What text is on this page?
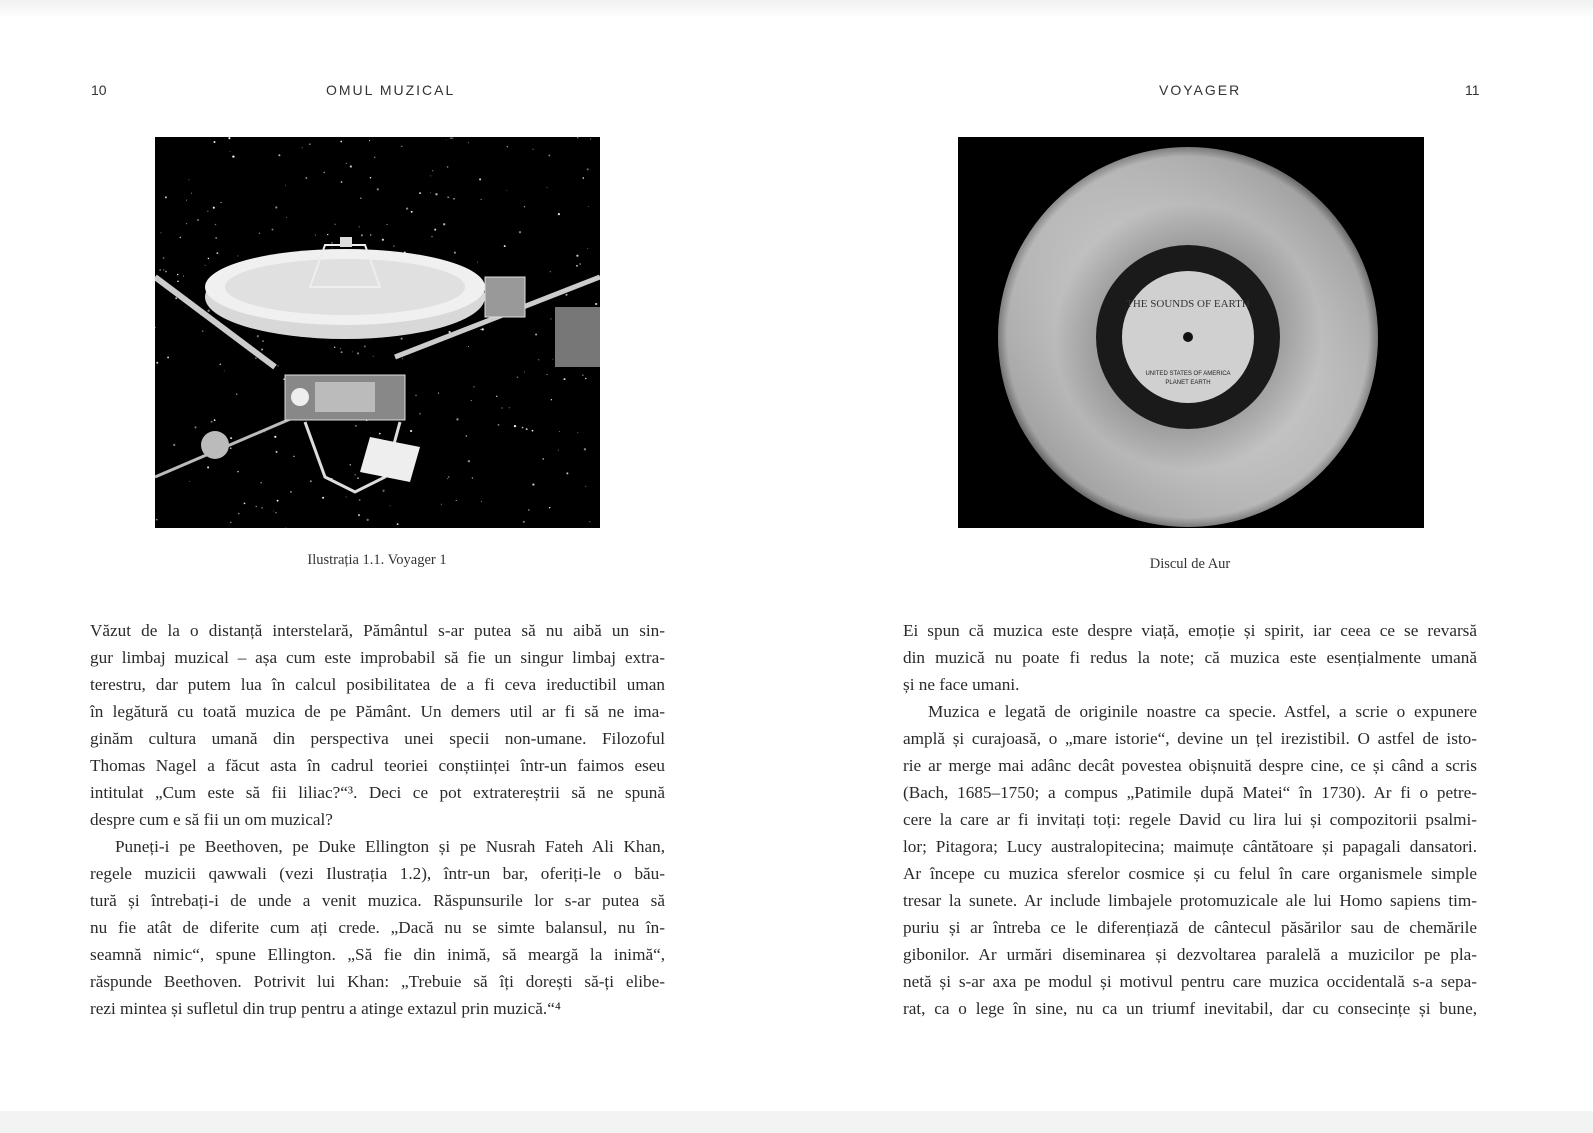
10	OMUL MUZICAL	VOYAGER	11
Ilustrația 1.1. Voyager 1
THE SOUNDS OF EARTH
UNITED STATES OF AMERICA
PLANET EARTH
Discul de Aur
Văzut de la o distanță interstelară, Pământul s-ar putea să nu aibă un sin-
gur limbaj muzical – așa cum este improbabil să fie un singur limbaj extra-
terestru, dar putem lua în calcul posibilitatea de a fi ceva ireductibil uman
în legătură cu toată muzica de pe Pământ. Un demers util ar fi să ne ima-
ginăm cultura umană din perspectiva unei specii non-umane. Filozoful
Thomas Nagel a făcut asta în cadrul teoriei conștiinței într-un faimos eseu
intitulat „Cum este să fii liliac?“³. Deci ce pot extratereștrii să ne spună
despre cum e să fii un om muzical?
Puneți-i pe Beethoven, pe Duke Ellington și pe Nusrah Fateh Ali Khan,
regele muzicii qawwali (vezi Ilustrația 1.2), într-un bar, oferiți-le o bău-
tură și întrebați-i de unde a venit muzica. Răspunsurile lor s-ar putea să
nu fie atât de diferite cum ați crede. „Dacă nu se simte balansul, nu în-
seamnă nimic“, spune Ellington. „Să fie din inimă, să meargă la inimă“,
răspunde Beethoven. Potrivit lui Khan: „Trebuie să îți dorești să-ți elibe-
rezi mintea și sufletul din trup pentru a atinge extazul prin muzică.“⁴
Ei spun că muzica este despre viață, emoție și spirit, iar ceea ce se revarsă
din muzică nu poate fi redus la note; că muzica este esențialmente umană
și ne face umani.
Muzica e legată de originile noastre ca specie. Astfel, a scrie o expunere
amplă și curajoasă, o „mare istorie“, devine un țel irezistibil. O astfel de isto-
rie ar merge mai adânc decât povestea obișnuită despre cine, ce și când a scris
(Bach, 1685–1750; a compus „Patimile după Matei“ în 1730). Ar fi o petre-
cere la care ar fi invitați toți: regele David cu lira lui și compozitorii psalmi-
lor; Pitagora; Lucy australopitecina; maimuțe cântătoare și papagali dansatori.
Ar începe cu muzica sferelor cosmice și cu felul în care organismele simple
tresar la sunete. Ar include limbajele protomuzicale ale lui Homo sapiens tim-
puriu și ar întreba ce le diferențiază de cântecul păsărilor sau de chemările
gibonilor. Ar urmări diseminarea și dezvoltarea paralelă a muzicilor pe pla-
netă și s-ar axa pe modul și motivul pentru care muzica occidentală s-a sepa-
rat, ca o lege în sine, nu ca un triumf inevitabil, dar cu consecințe și bune,
